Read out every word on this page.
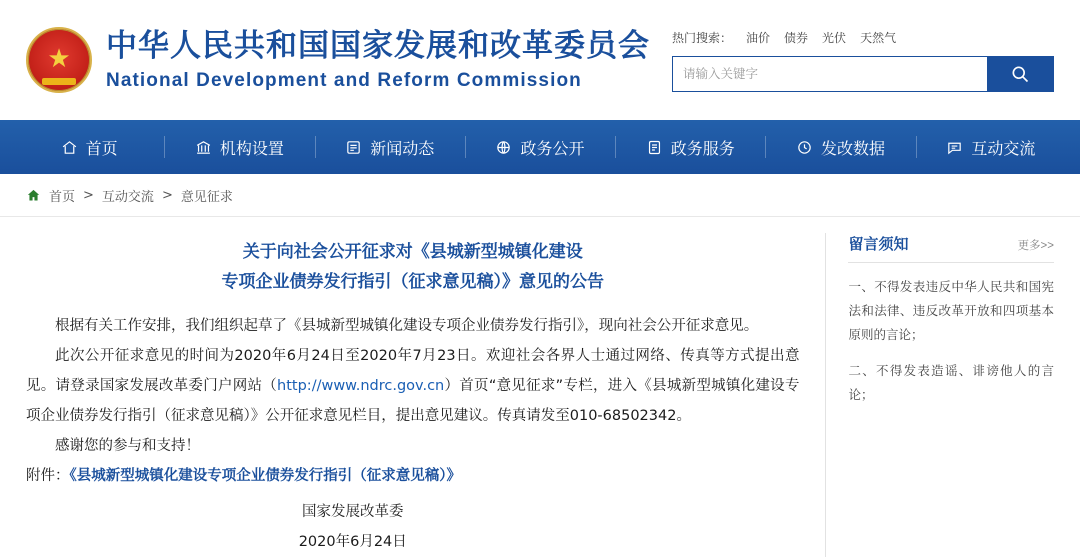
★ 中华人民共和国国家发展和改革委员会
National Development and Reform Commission
热门搜索： 油价 债券 光伏 天然气
请输入关键字
首页	机构设置	新闻动态	政务公开	政务服务	发改数据	互动交流
首页 > 互动交流 > 意见征求
关于向社会公开征求对《县城新型城镇化建设
专项企业债券发行指引（征求意见稿）》意见的公告

根据有关工作安排，我们组织起草了《县城新型城镇化建设专项企业债券发行指引》，现向社会公开征求意见。

此次公开征求意见的时间为2020年6月24日至2020年7月23日。欢迎社会各界人士通过网络、传真等方式提出意见。请登录国家发展改革委门户网站（http://www.ndrc.gov.cn）首页“意见征求”专栏，进入《县城新型城镇化建设专项企业债券发行指引（征求意见稿）》公开征求意见栏目，提出意见建议。传真请发至010-68502342。

感谢您的参与和支持！

附件：《县城新型城镇化建设专项企业债券发行指引（征求意见稿）》

国家发展改革委
2020年6月24日
留言须知	更多>>
一、不得发表违反中华人民共和国宪法和法律、违反改革开放和四项基本原则的言论；
二、不得发表造谣、诽谤他人的言论；
